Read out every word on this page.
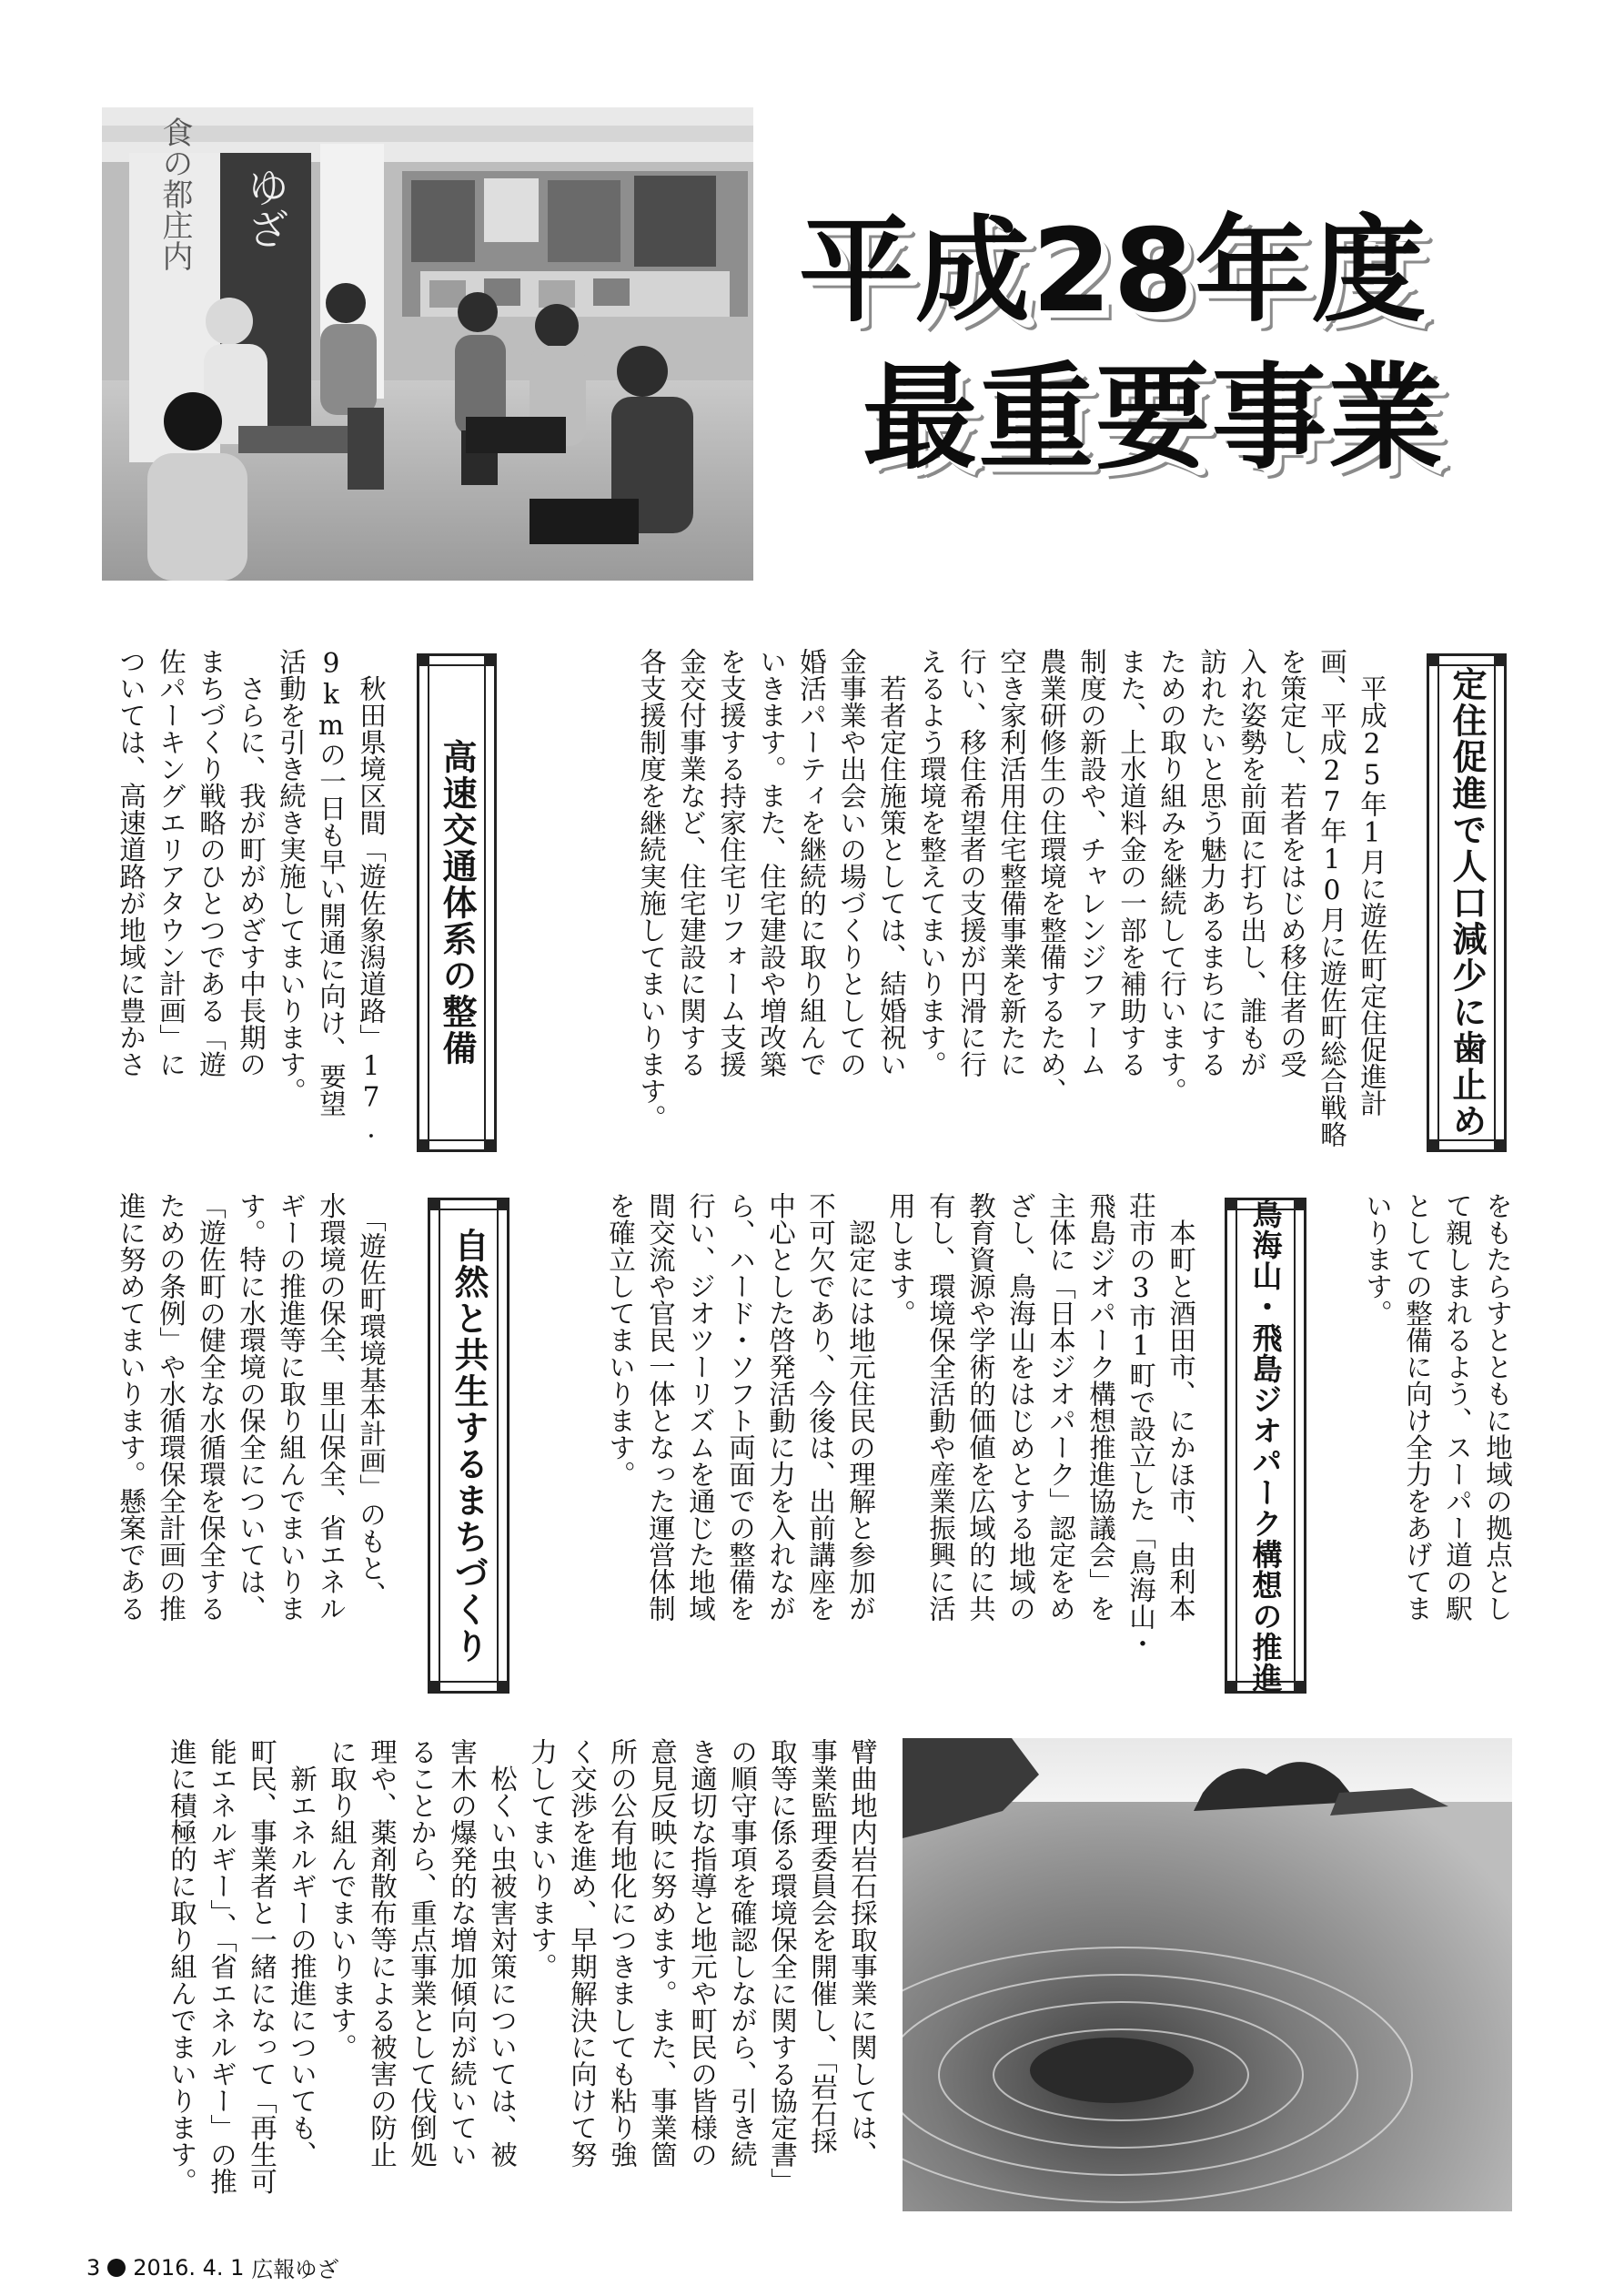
食の都庄内 ゆざ	平成28年度
最重要事業
定住促進で人口減少に歯止め
　平成25年1月に遊佐町定住促進計
画、平成27年10月に遊佐町総合戦略
を策定し、若者をはじめ移住者の受
入れ姿勢を前面に打ち出し、誰もが
訪れたいと思う魅力あるまちにする
ための取り組みを継続して行います。
また、上水道料金の一部を補助する
制度の新設や、チャレンジファーム
農業研修生の住環境を整備するため、
空き家利活用住宅整備事業を新たに
行い、移住希望者の支援が円滑に行
えるよう環境を整えてまいります。
　若者定住施策としては、結婚祝い
金事業や出会いの場づくりとしての
婚活パーティを継続的に取り組んで
いきます。また、住宅建設や増改築
を支援する持家住宅リフォーム支援
金交付事業など、住宅建設に関する
各支援制度を継続実施してまいります。
高速交通体系の整備
　秋田県境区間「遊佐象潟道路」17.
9kmの一日も早い開通に向け、要望
活動を引き続き実施してまいります。
　さらに、我が町がめざす中長期の
まちづくり戦略のひとつである「遊
佐パーキングエリアタウン計画」に
ついては、高速道路が地域に豊かさ
をもたらすとともに地域の拠点とし
て親しまれるよう、スーパー道の駅
としての整備に向け全力をあげてま
いります。
鳥海山・飛島ジオパーク構想の推進
　本町と酒田市、にかほ市、由利本
荘市の3市1町で設立した「鳥海山・
飛島ジオパーク構想推進協議会」を
主体に「日本ジオパーク」認定をめ
ざし、鳥海山をはじめとする地域の
教育資源や学術的価値を広域的に共
有し、環境保全活動や産業振興に活
用します。
　認定には地元住民の理解と参加が
不可欠であり、今後は、出前講座を
中心とした啓発活動に力を入れなが
ら、ハード・ソフト両面での整備を
行い、ジオツーリズムを通じた地域
間交流や官民一体となった運営体制
を確立してまいります。
自然と共生するまちづくり
　「遊佐町環境基本計画」のもと、
水環境の保全、里山保全、省エネル
ギーの推進等に取り組んでまいりま
す。特に水環境の保全については、
「遊佐町の健全な水循環を保全する
ための条例」や水循環保全計画の推
進に努めてまいります。懸案である
臂曲地内岩石採取事業に関しては、
事業監理委員会を開催し、「岩石採
取等に係る環境保全に関する協定書」
の順守事項を確認しながら、引き続
き適切な指導と地元や町民の皆様の
意見反映に努めます。また、事業箇
所の公有地化につきましても粘り強
く交渉を進め、早期解決に向けて努
力してまいります。
　松くい虫被害対策については、被
害木の爆発的な増加傾向が続いてい
ることから、重点事業として伐倒処
理や、薬剤散布等による被害の防止
に取り組んでまいります。
　新エネルギーの推進についても、
町民、事業者と一緒になって「再生可
能エネルギー」、「省エネルギー」の推
進に積極的に取り組んでまいります。
3 2016. 4. 1 広報ゆざ
